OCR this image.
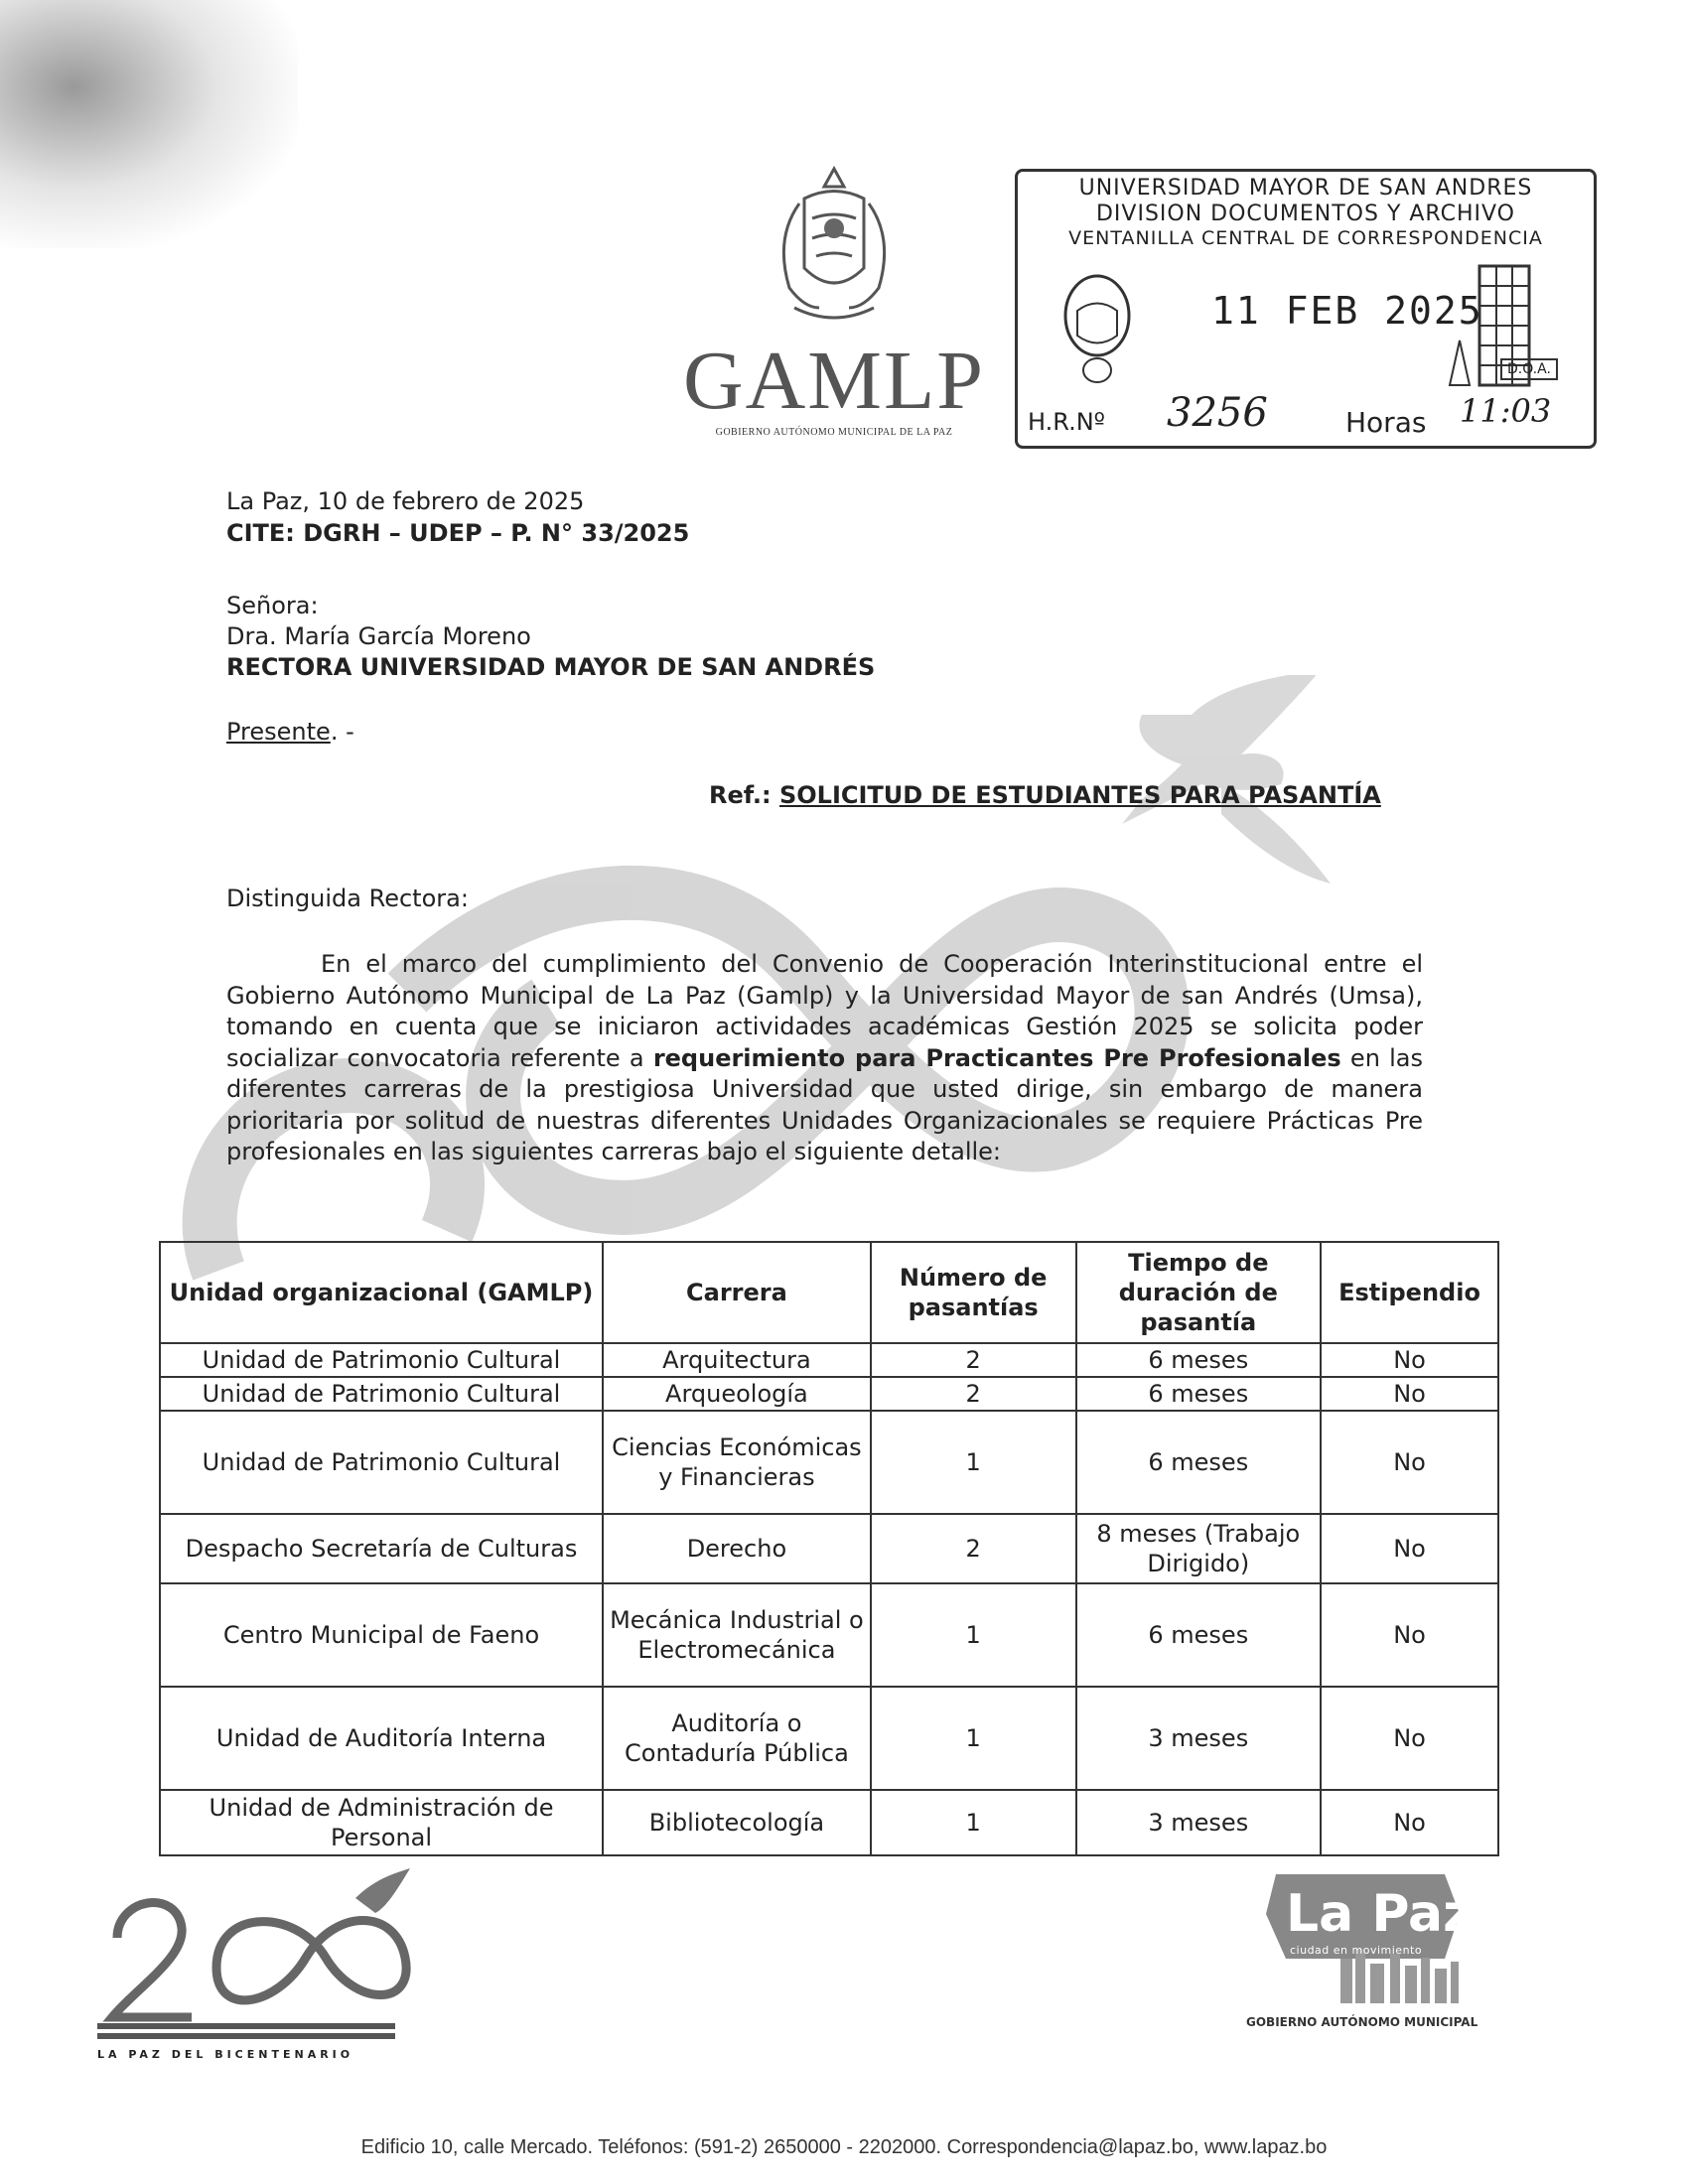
GAMLP
GOBIERNO AUTÓNOMO MUNICIPAL DE LA PAZ
UNIVERSIDAD MAYOR DE SAN ANDRES
DIVISION DOCUMENTOS Y ARCHIVO
VENTANILLA CENTRAL DE CORRESPONDENCIA
11 FEB 2025
D.O.A.
H.R.Nº 3256	Horas 11:03
La Paz, 10 de febrero de 2025
CITE: DGRH – UDEP – P. N° 33/2025
Señora:
Dra. María García Moreno
RECTORA UNIVERSIDAD MAYOR DE SAN ANDRÉS
Presente. -
Ref.: SOLICITUD DE ESTUDIANTES PARA PASANTÍA
Distinguida Rectora:
En el marco del cumplimiento del Convenio de Cooperación Interinstitucional entre el Gobierno Autónomo Municipal de La Paz (Gamlp) y la Universidad Mayor de san Andrés (Umsa), tomando en cuenta que se iniciaron actividades académicas Gestión 2025 se solicita poder socializar convocatoria referente a requerimiento para Practicantes Pre Profesionales en las diferentes carreras de la prestigiosa Universidad que usted dirige, sin embargo de manera prioritaria por solitud de nuestras diferentes Unidades Organizacionales se requiere Prácticas Pre profesionales en las siguientes carreras bajo el siguiente detalle:
Unidad organizacional (GAMLP)	Carrera	Número de pasantías	Tiempo de duración de pasantía	Estipendio
Unidad de Patrimonio Cultural	Arquitectura	2	6 meses	No
Unidad de Patrimonio Cultural	Arqueología	2	6 meses	No
Unidad de Patrimonio Cultural	Ciencias Económicas y Financieras	1	6 meses	No
Despacho Secretaría de Culturas	Derecho	2	8 meses (Trabajo Dirigido)	No
Centro Municipal de Faeno	Mecánica Industrial o Electromecánica	1	6 meses	No
Unidad de Auditoría Interna	Auditoría o Contaduría Pública	1	3 meses	No
Unidad de Administración de Personal	Bibliotecología	1	3 meses	No
LA PAZ DEL BICENTENARIO
La Paz
ciudad en movimiento
GOBIERNO AUTÓNOMO MUNICIPAL
Edificio 10, calle Mercado. Teléfonos: (591-2) 2650000 - 2202000. Correspondencia@lapaz.bo, www.lapaz.bo
